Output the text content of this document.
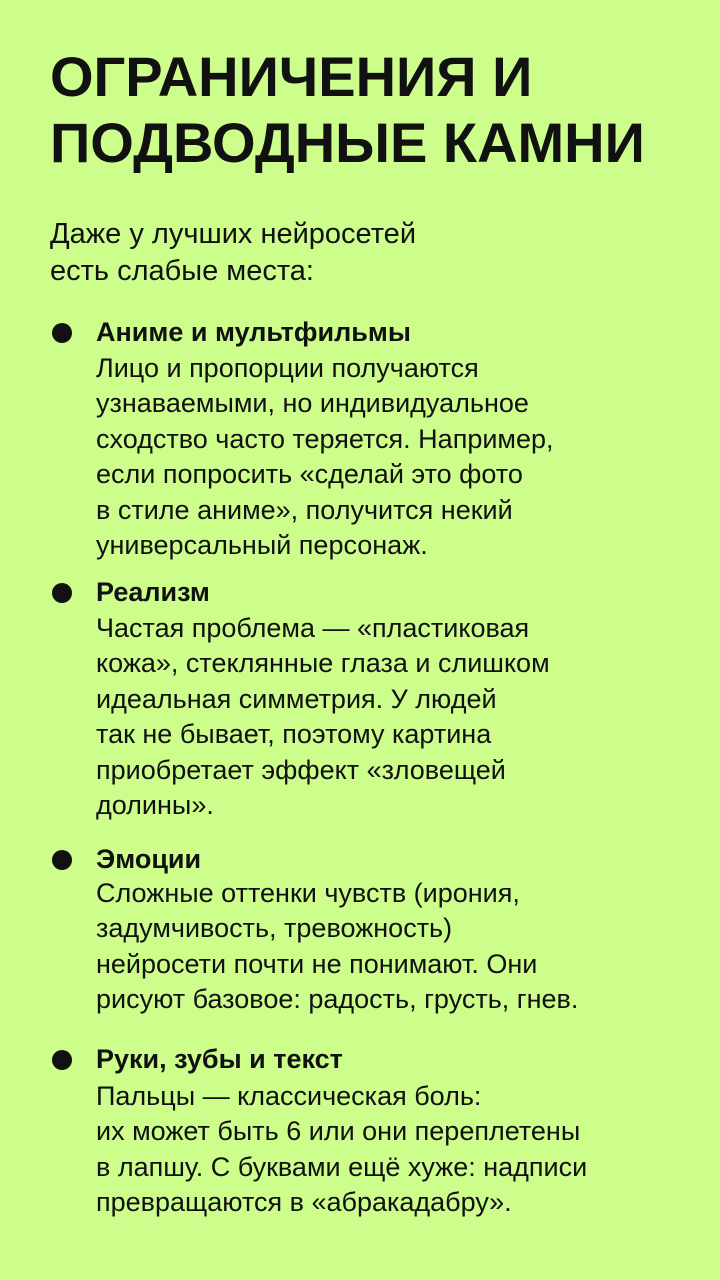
ОГРАНИЧЕНИЯ И
ПОДВОДНЫЕ КАМНИ

Даже у лучших нейросетей
есть слабые места:

Аниме и мультфильмы
Лицо и пропорции получаются
узнаваемыми, но индивидуальное
сходство часто теряется. Например,
если попросить «сделай это фото
в стиле аниме», получится некий
универсальный персонаж.
Реализм
Частая проблема — «пластиковая
кожа», стеклянные глаза и слишком
идеальная симметрия. У людей
так не бывает, поэтому картина
приобретает эффект «зловещей
долины».
Эмоции
Сложные оттенки чувств (ирония,
задумчивость, тревожность)
нейросети почти не понимают. Они
рисуют базовое: радость, грусть, гнев.
Руки, зубы и текст
Пальцы — классическая боль:
их может быть 6 или они переплетены
в лапшу. С буквами ещё хуже: надписи
превращаются в «абракадабру».
